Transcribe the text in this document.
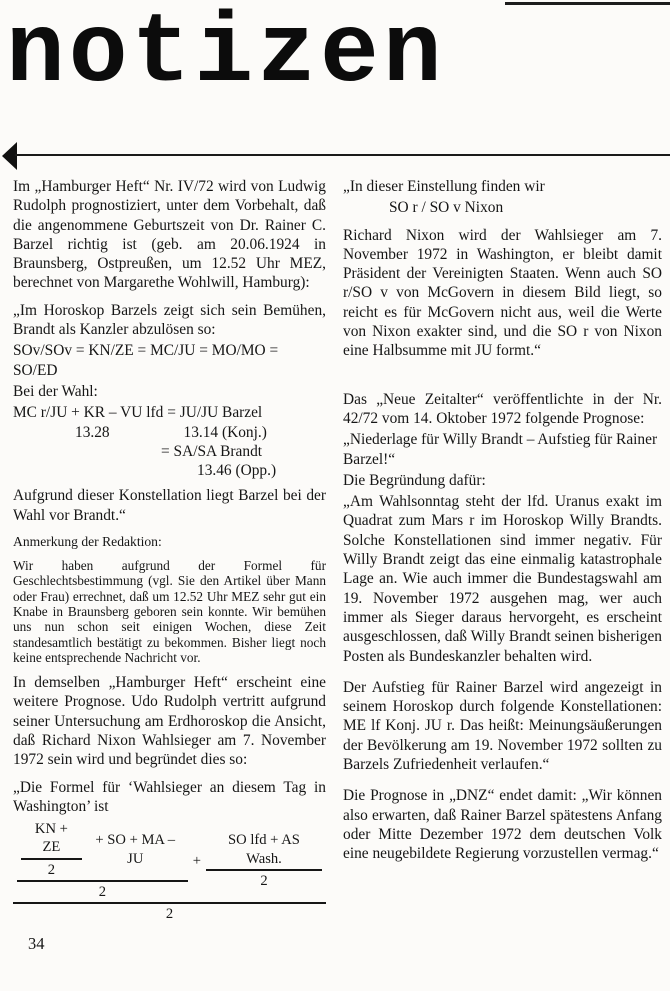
notizen

Im „Hamburger Heft“ Nr. IV/72 wird von Ludwig Rudolph prognostiziert, unter dem Vorbehalt, daß die angenommene Geburtszeit von Dr. Rainer C. Barzel richtig ist (geb. am 20.06.1924 in Braunsberg, Ostpreußen, um 12.52 Uhr MEZ, berechnet von Margarethe Wohlwill, Hamburg):

„Im Horoskop Barzels zeigt sich sein Bemühen, Brandt als Kanzler abzulösen so:

SOv/SOv = KN/ZE = MC/JU = MO/MO = SO/ED

Bei der Wahl:

MC r/JU + KR – VU lfd = JU/JU Barzel
13.28	13.14 (Konj.)
= SA/SA Brandt
13.46 (Opp.)

Aufgrund dieser Konstellation liegt Barzel bei der Wahl vor Brandt.“

Anmerkung der Redaktion:

Wir haben aufgrund der Formel für Geschlechtsbestimmung (vgl. Sie den Artikel über Mann oder Frau) errechnet, daß um 12.52 Uhr MEZ sehr gut ein Knabe in Braunsberg geboren sein konnte. Wir bemühen uns nun schon seit einigen Wochen, diese Zeit standesamtlich bestätigt zu bekommen. Bisher liegt noch keine entsprechende Nachricht vor.

In demselben „Hamburger Heft“ erscheint eine weitere Prognose. Udo Rudolph vertritt aufgrund seiner Untersuchung am Erdhoroskop die Ansicht, daß Richard Nixon Wahlsieger am 7. November 1972 sein wird und begründet dies so:

„Die Formel für ‘Wahlsieger an diesem Tag in Washington’ ist

$\frac{KN + ZE}{2}$ + SO + MA – JU
2
+ $\frac{\text{SO lfd + AS Wash.}}{2}$
2

„In dieser Einstellung finden wir

SO r / SO v Nixon

Richard Nixon wird der Wahlsieger am 7. November 1972 in Washington, er bleibt damit Präsident der Vereinigten Staaten. Wenn auch SO r/SO v von McGovern in diesem Bild liegt, so reicht es für McGovern nicht aus, weil die Werte von Nixon exakter sind, und die SO r von Nixon eine Halbsumme mit JU formt.“

Das „Neue Zeitalter“ veröffentlichte in der Nr. 42/72 vom 14. Oktober 1972 folgende Prognose:

„Niederlage für Willy Brandt – Aufstieg für Rainer Barzel!“

Die Begründung dafür:

„Am Wahlsonntag steht der lfd. Uranus exakt im Quadrat zum Mars r im Horoskop Willy Brandts. Solche Konstellationen sind immer negativ. Für Willy Brandt zeigt das eine einmalig katastrophale Lage an. Wie auch immer die Bundestagswahl am 19. November 1972 ausgehen mag, wer auch immer als Sieger daraus hervorgeht, es erscheint ausgeschlossen, daß Willy Brandt seinen bisherigen Posten als Bundeskanzler behalten wird.

Der Aufstieg für Rainer Barzel wird angezeigt in seinem Horoskop durch folgende Konstellationen: ME lf Konj. JU r. Das heißt: Meinungsäußerungen der Bevölkerung am 19. November 1972 sollten zu Barzels Zufriedenheit verlaufen.“

Die Prognose in „DNZ“ endet damit: „Wir können also erwarten, daß Rainer Barzel spätestens Anfang oder Mitte Dezember 1972 dem deutschen Volk eine neugebildete Regierung vorzustellen vermag.“

34
